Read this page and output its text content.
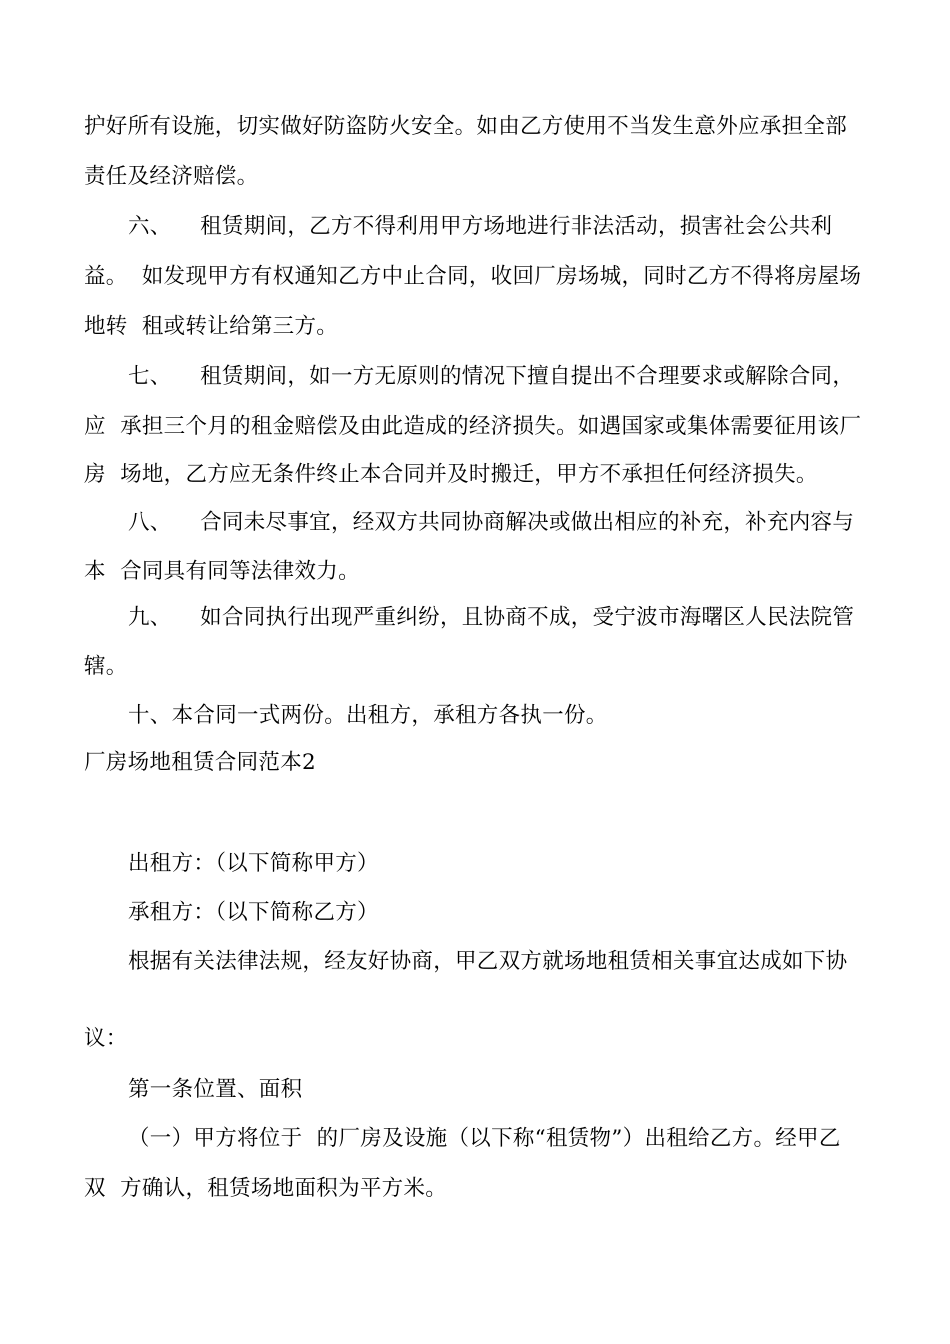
护好所有设施，切实做好防盗防火安全。如由乙方使用不当发生意外应承担全部
责任及经济赔偿。
六、    租赁期间，乙方不得利用甲方场地进行非法活动，损害社会公共利
益。  如发现甲方有权通知乙方中止合同，收回厂房场城，同时乙方不得将房屋场
地转  租或转让给第三方。
七、    租赁期间，如一方无原则的情况下擅自提出不合理要求或解除合同，
应  承担三个月的租金赔偿及由此造成的经济损失。如遇国家或集体需要征用该厂
房  场地，乙方应无条件终止本合同并及时搬迁，甲方不承担任何经济损失。
八、    合同未尽事宜，经双方共同协商解决或做出相应的补充，补充内容与
本  合同具有同等法律效力。
九、    如合同执行出现严重纠纷，且协商不成，受宁波市海曙区人民法院管
辖。
十、本合同一式两份。出租方，承租方各执一份。
厂房场地租赁合同范本2
出租方：（以下简称甲方）
承租方：（以下简称乙方）
根据有关法律法规，经友好协商，甲乙双方就场地租赁相关事宜达成如下协
议：
第一条位置、面积
（一）甲方将位于  的厂房及设施（以下称“租赁物”）出租给乙方。经甲乙
双  方确认，租赁场地面积为平方米。
